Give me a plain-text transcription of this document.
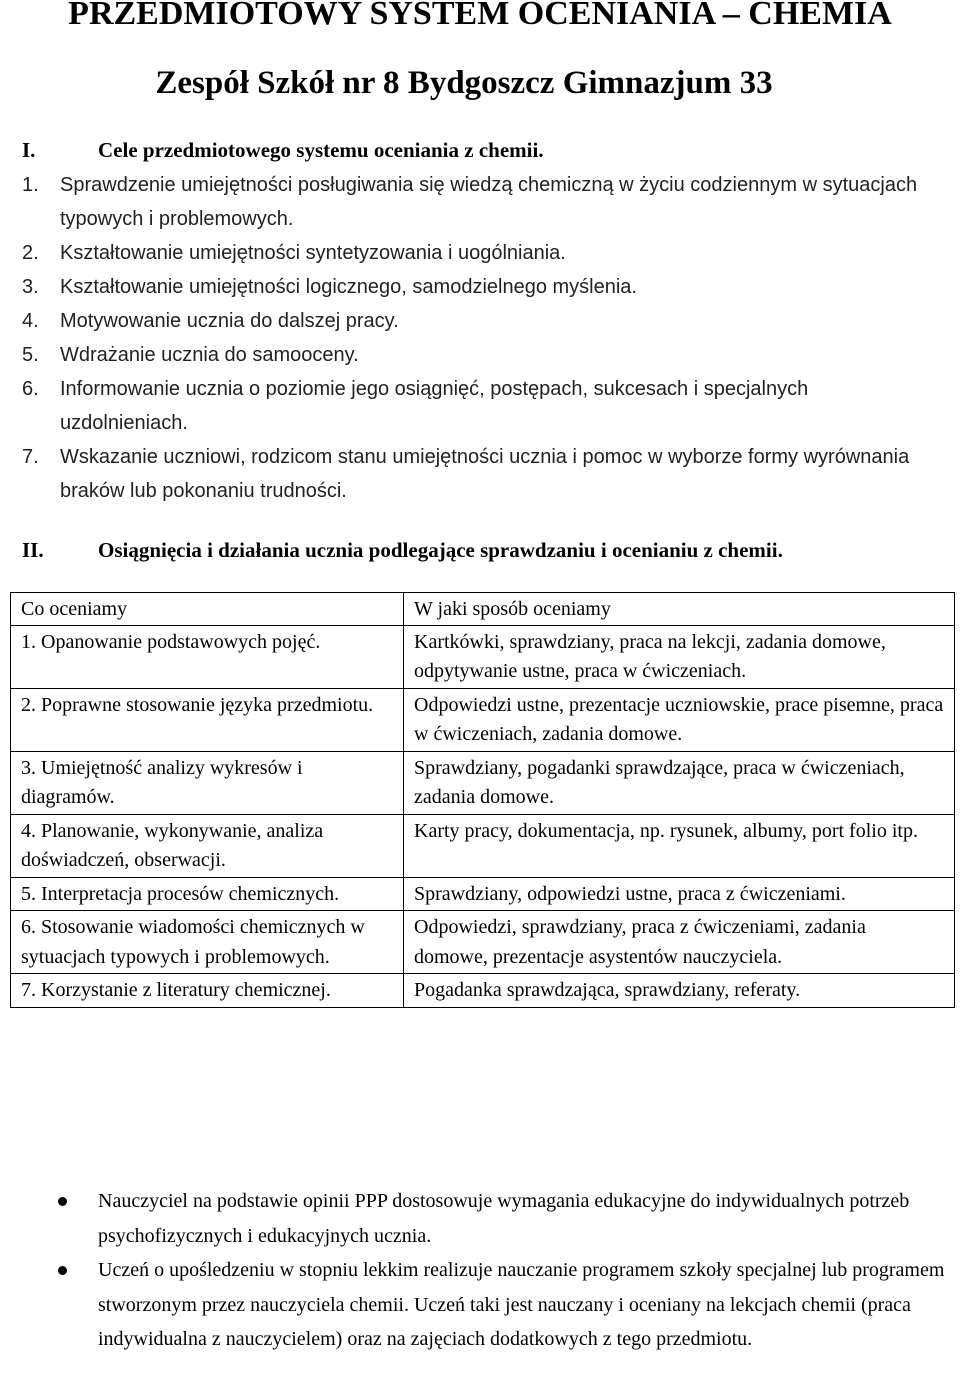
PRZEDMIOTOWY SYSTEM OCENIANIA – CHEMIA
Zespół Szkół nr 8 Bydgoszcz Gimnazjum 33
I.	Cele przedmiotowego systemu oceniania z chemii.
1. Sprawdzenie umiejętności posługiwania się wiedzą chemiczną w życiu codziennym w sytuacjach typowych i problemowych.
2. Kształtowanie umiejętności syntetyzowania i uogólniania.
3. Kształtowanie umiejętności logicznego, samodzielnego myślenia.
4. Motywowanie ucznia do dalszej pracy.
5. Wdrażanie ucznia do samooceny.
6. Informowanie ucznia o poziomie jego osiągnięć, postępach, sukcesach i specjalnych uzdolnieniach.
7. Wskazanie uczniowi, rodzicom stanu umiejętności ucznia i pomoc w wyborze formy wyrównania braków lub pokonaniu trudności.
II.	Osiągnięcia i działania ucznia podlegające sprawdzaniu i ocenianiu z chemii.
Co oceniamy	W jaki sposób oceniamy
1. Opanowanie podstawowych pojęć.	Kartkówki, sprawdziany, praca na lekcji, zadania domowe, odpytywanie ustne, praca w ćwiczeniach.
2. Poprawne stosowanie języka przedmiotu.	Odpowiedzi ustne, prezentacje uczniowskie, prace pisemne, praca w ćwiczeniach, zadania domowe.
3. Umiejętność analizy wykresów i diagramów.	Sprawdziany, pogadanki sprawdzające, praca w ćwiczeniach, zadania domowe.
4. Planowanie, wykonywanie, analiza doświadczeń, obserwacji.	Karty pracy, dokumentacja, np. rysunek, albumy, port folio itp.
5. Interpretacja procesów chemicznych.	Sprawdziany, odpowiedzi ustne, praca z ćwiczeniami.
6. Stosowanie wiadomości chemicznych w sytuacjach typowych i problemowych.	Odpowiedzi, sprawdziany, praca z ćwiczeniami, zadania domowe, prezentacje asystentów nauczyciela.
7. Korzystanie z literatury chemicznej.	Pogadanka sprawdzająca, sprawdziany, referaty.
Nauczyciel na podstawie opinii PPP dostosowuje wymagania edukacyjne do indywidualnych potrzeb psychofizycznych i edukacyjnych ucznia.
Uczeń o upośledzeniu w stopniu lekkim realizuje nauczanie programem szkoły specjalnej lub programem stworzonym przez nauczyciela chemii. Uczeń taki jest nauczany i oceniany na lekcjach chemii (praca indywidualna z nauczycielem) oraz na zajęciach dodatkowych z tego przedmiotu.
